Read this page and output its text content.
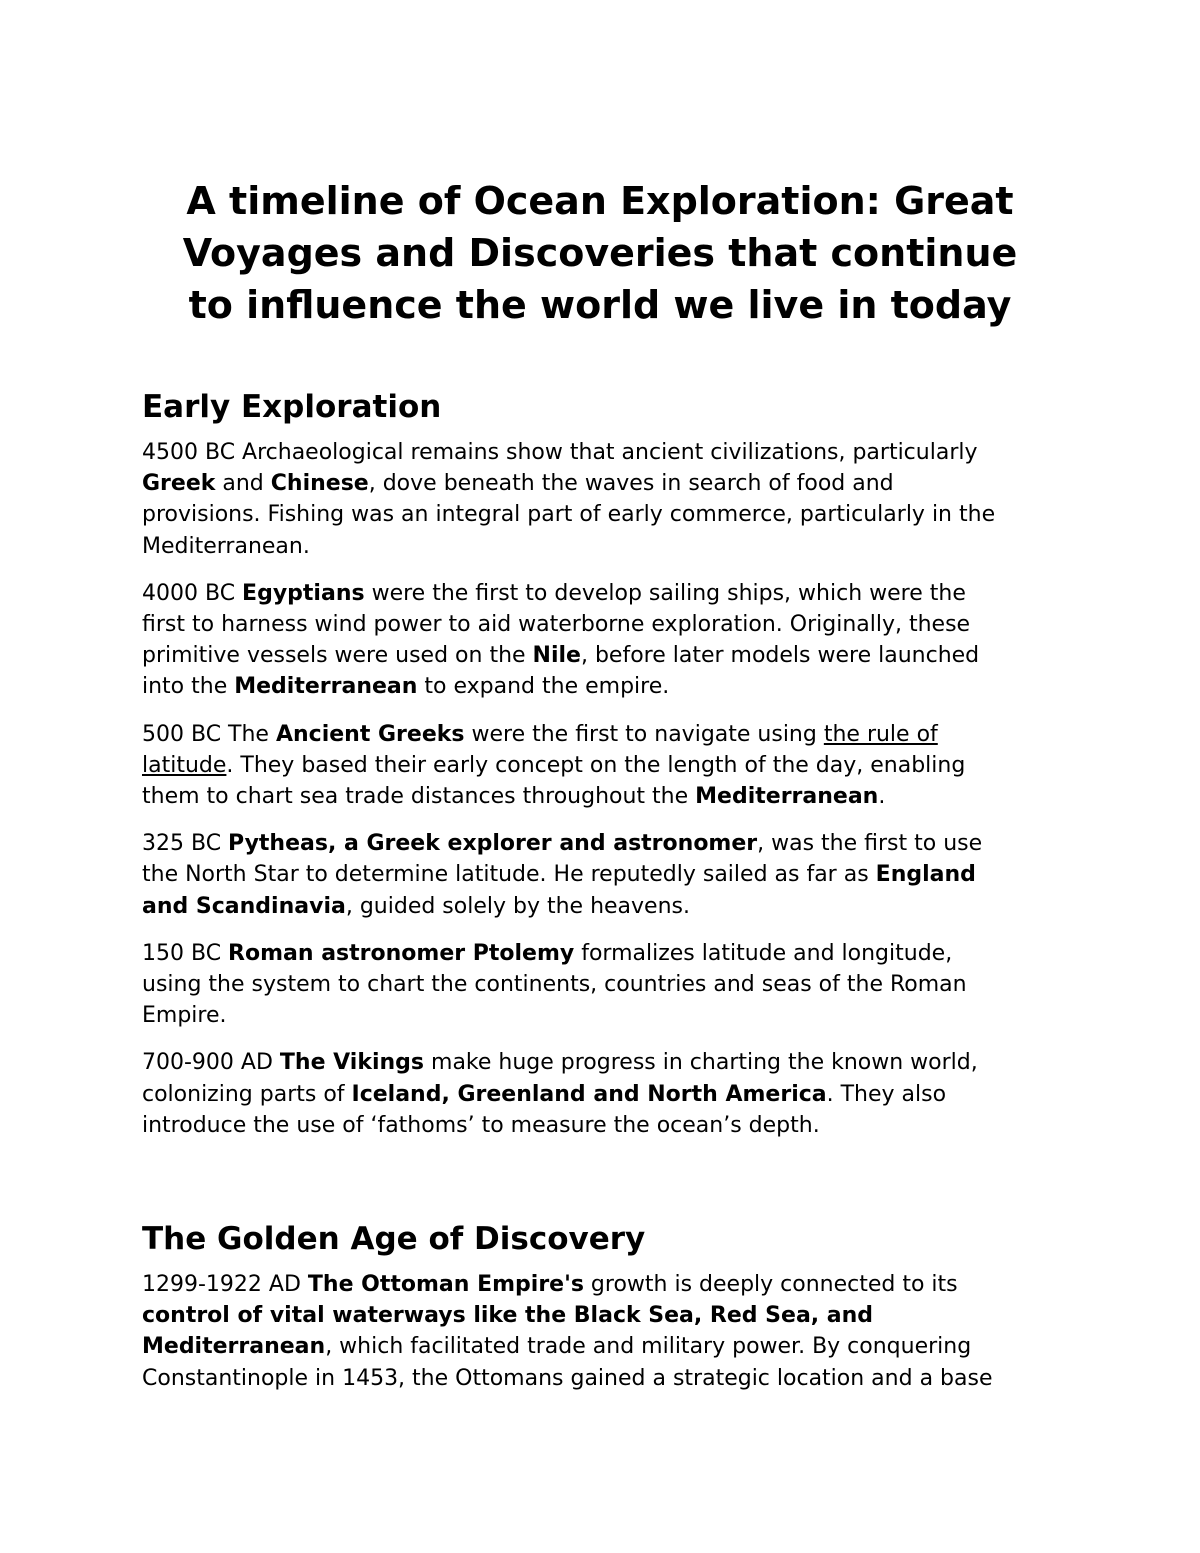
A timeline of Ocean Exploration: Great
Voyages and Discoveries that continue
to influence the world we live in today
Early Exploration

4500 BC Archaeological remains show that ancient civilizations, particularly
Greek and Chinese, dove beneath the waves in search of food and
provisions. Fishing was an integral part of early commerce, particularly in the
Mediterranean.

4000 BC Egyptians were the first to develop sailing ships, which were the
first to harness wind power to aid waterborne exploration. Originally, these
primitive vessels were used on the Nile, before later models were launched
into the Mediterranean to expand the empire.

500 BC The Ancient Greeks were the first to navigate using the rule of
latitude. They based their early concept on the length of the day, enabling
them to chart sea trade distances throughout the Mediterranean.

325 BC Pytheas, a Greek explorer and astronomer, was the first to use
the North Star to determine latitude. He reputedly sailed as far as England
and Scandinavia, guided solely by the heavens.

150 BC Roman astronomer Ptolemy formalizes latitude and longitude,
using the system to chart the continents, countries and seas of the Roman
Empire.

700-900 AD The Vikings make huge progress in charting the known world,
colonizing parts of Iceland, Greenland and North America. They also
introduce the use of ‘fathoms’ to measure the ocean’s depth.

The Golden Age of Discovery

1299-1922 AD The Ottoman Empire's growth is deeply connected to its
control of vital waterways like the Black Sea, Red Sea, and
Mediterranean, which facilitated trade and military power. By conquering
Constantinople in 1453, the Ottomans gained a strategic location and a base
